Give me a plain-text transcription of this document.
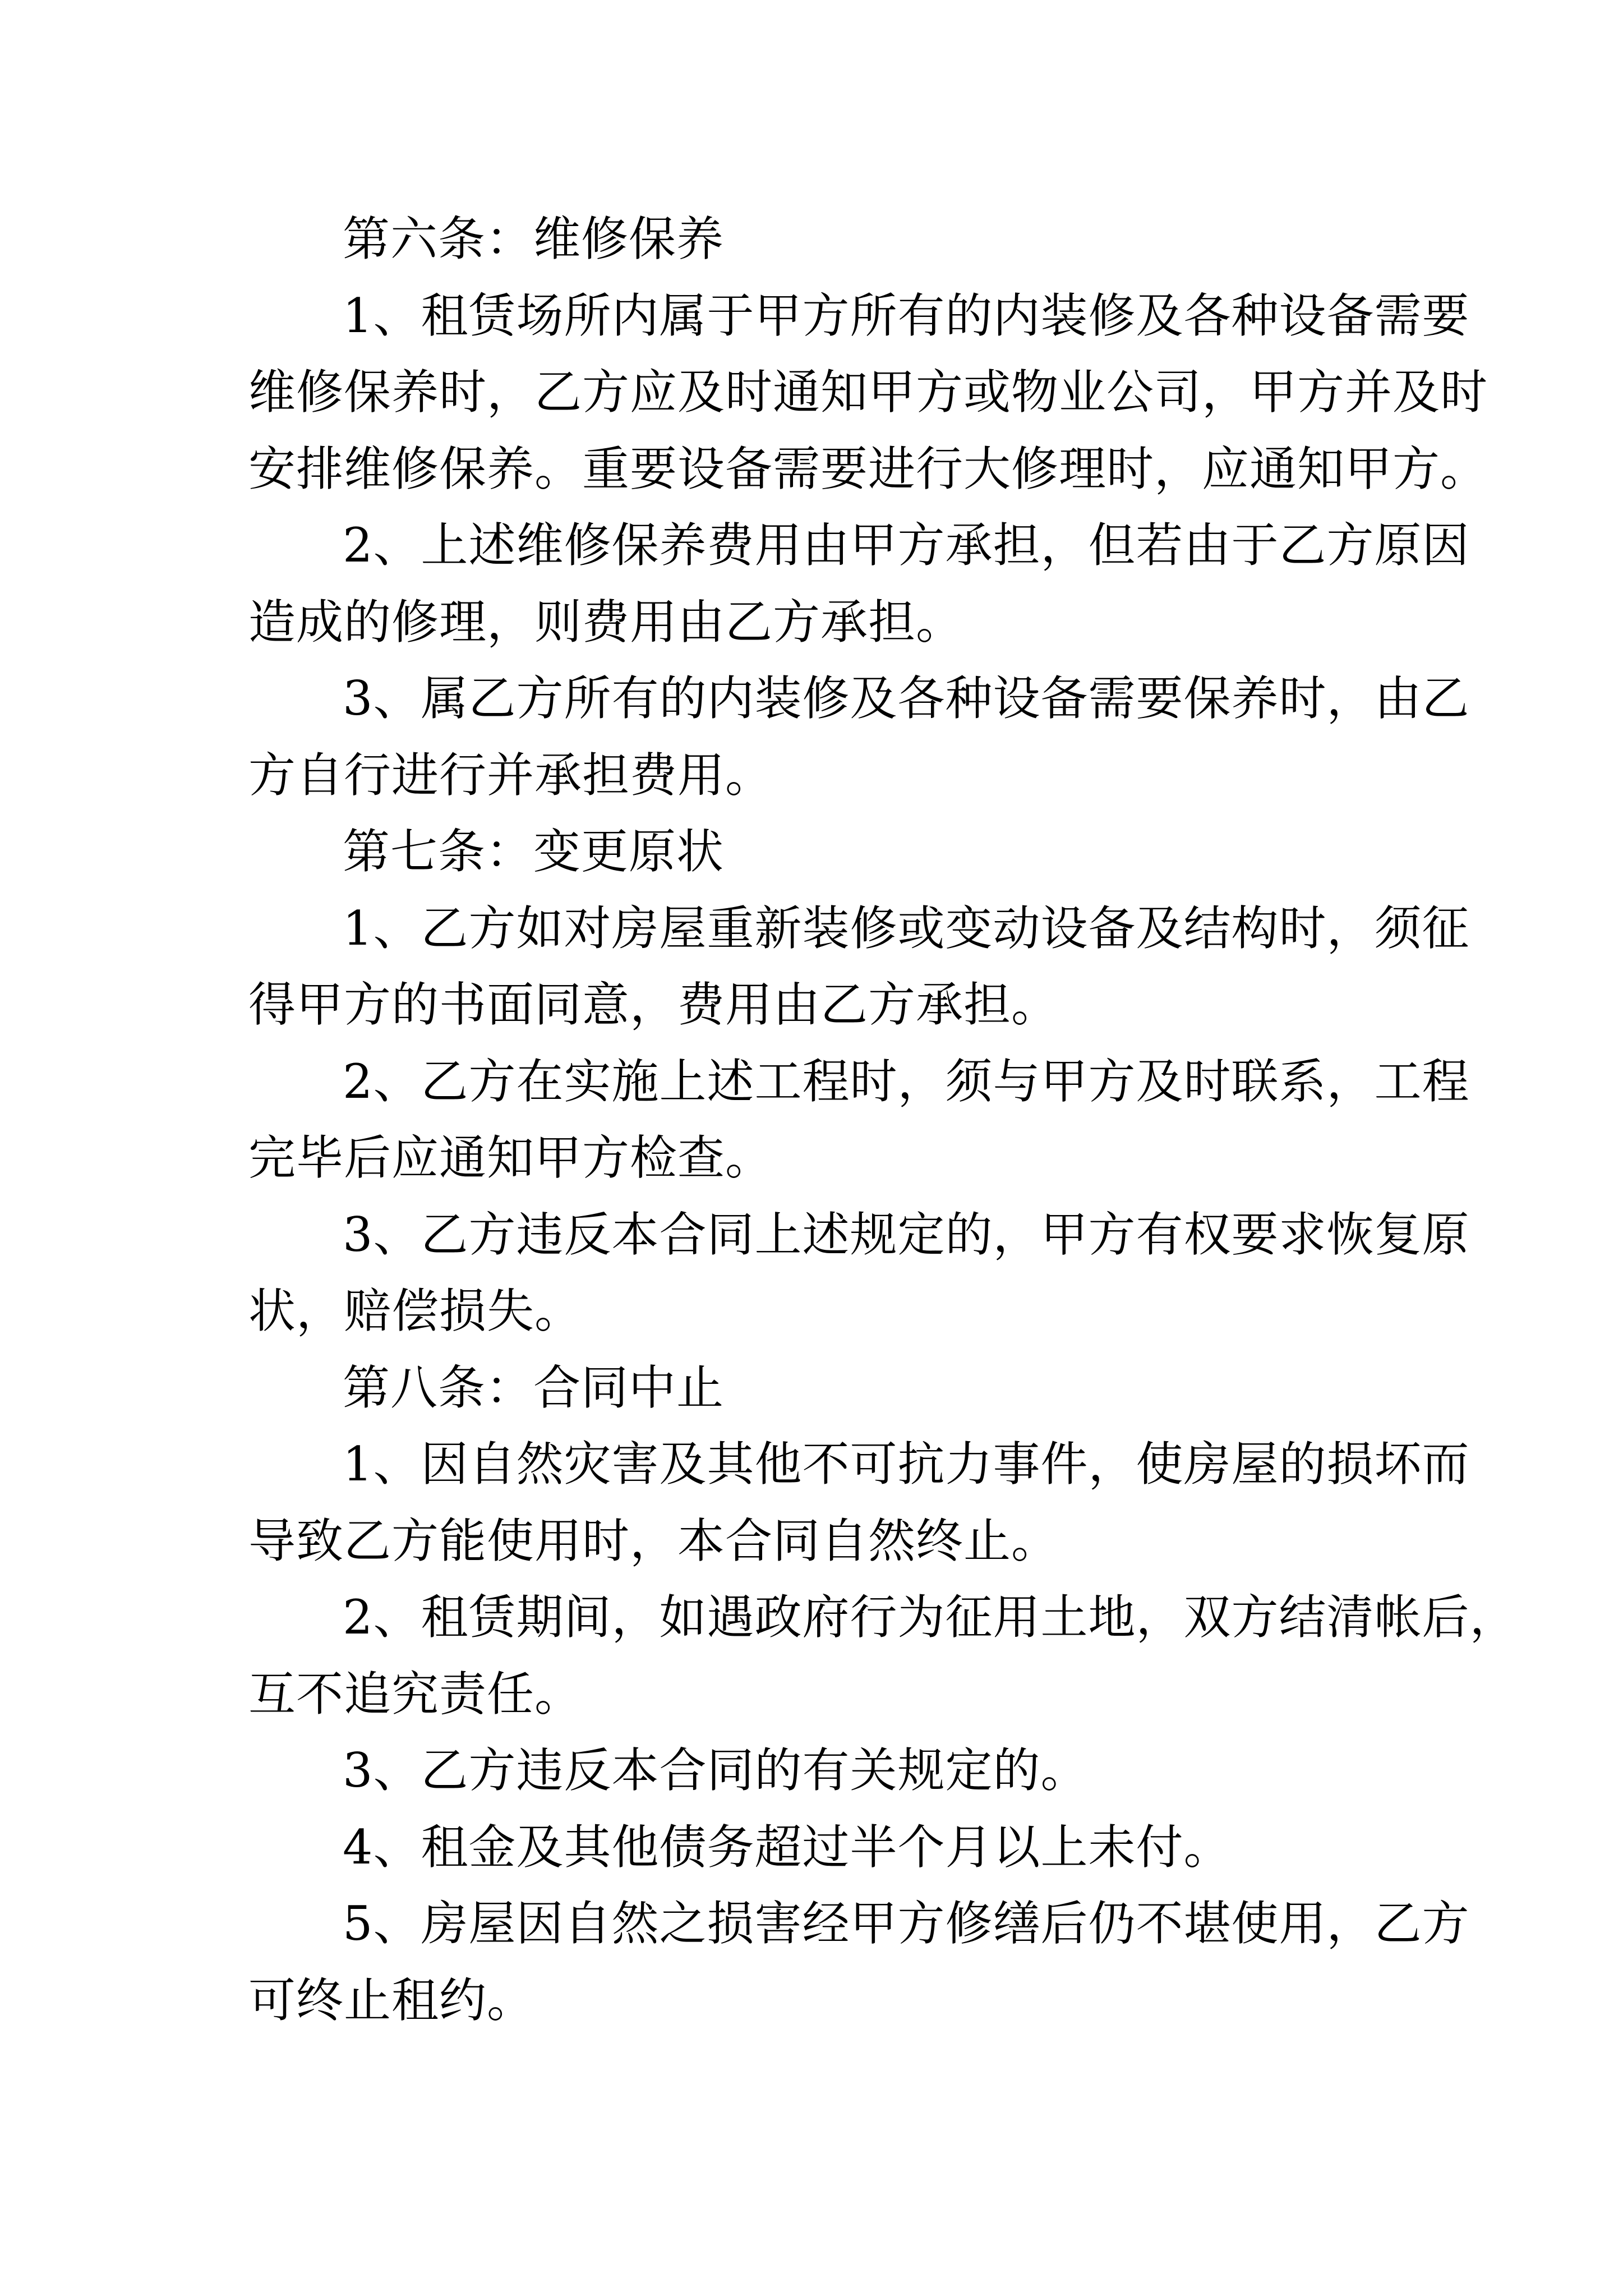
第六条：维修保养
1、租赁场所内属于甲方所有的内装修及各种设备需要
维修保养时，乙方应及时通知甲方或物业公司，甲方并及时
安排维修保养。重要设备需要进行大修理时，应通知甲方。
2、上述维修保养费用由甲方承担，但若由于乙方原因
造成的修理，则费用由乙方承担。
3、属乙方所有的内装修及各种设备需要保养时，由乙
方自行进行并承担费用。
第七条：变更原状
1、乙方如对房屋重新装修或变动设备及结构时，须征
得甲方的书面同意，费用由乙方承担。
2、乙方在实施上述工程时，须与甲方及时联系，工程
完毕后应通知甲方检查。
3、乙方违反本合同上述规定的，甲方有权要求恢复原
状，赔偿损失。
第八条：合同中止
1、因自然灾害及其他不可抗力事件，使房屋的损坏而
导致乙方能使用时，本合同自然终止。
2、租赁期间，如遇政府行为征用土地，双方结清帐后，
互不追究责任。
3、乙方违反本合同的有关规定的。
4、租金及其他债务超过半个月以上未付。
5、房屋因自然之损害经甲方修缮后仍不堪使用，乙方
可终止租约。
